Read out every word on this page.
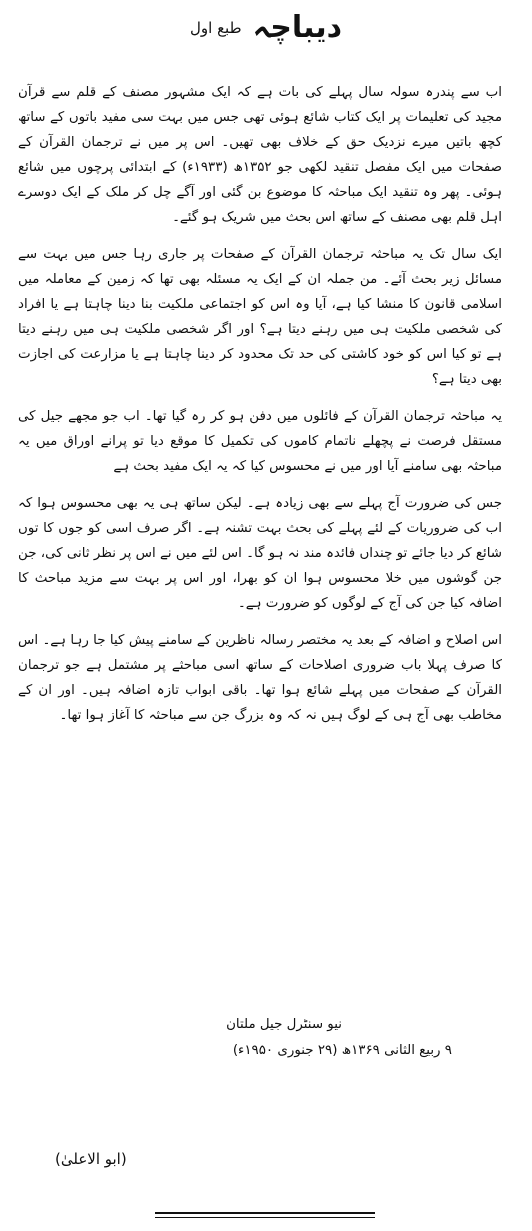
دیباچہ طبع اول

اب سے پندرہ سولہ سال پہلے کی بات ہے کہ ایک مشہور مصنف کے قلم سے قرآن مجید کی تعلیمات پر ایک کتاب شائع ہوئی تھی جس میں بہت سی مفید باتوں کے ساتھ کچھ باتیں میرے نزدیک حق کے خلاف بھی تھیں۔ اس پر میں نے ترجمان القرآن کے صفحات میں ایک مفصل تنقید لکھی جو ۱۳۵۲ھ (۱۹۳۳ء) کے ابتدائی پرچوں میں شائع ہوئی۔ پھر وہ تنقید ایک مباحثہ کا موضوع بن گئی اور آگے چل کر ملک کے ایک دوسرے اہل قلم بھی مصنف کے ساتھ اس بحث میں شریک ہو گئے۔

ایک سال تک یہ مباحثہ ترجمان القرآن کے صفحات پر جاری رہا جس میں بہت سے مسائل زیر بحث آئے۔ من جملہ ان کے ایک یہ مسئلہ بھی تھا کہ زمین کے معاملہ میں اسلامی قانون کا منشا کیا ہے، آیا وہ اس کو اجتماعی ملکیت بنا دینا چاہتا ہے یا افراد کی شخصی ملکیت ہی میں رہنے دیتا ہے؟ اور اگر شخصی ملکیت ہی میں رہنے دیتا ہے تو کیا اس کو خود کاشتی کی حد تک محدود کر دینا چاہتا ہے یا مزارعت کی اجازت بھی دیتا ہے؟

یہ مباحثہ ترجمان القرآن کے فائلوں میں دفن ہو کر رہ گیا تھا۔ اب جو مجھے جیل کی مستقل فرصت نے پچھلے ناتمام کاموں کی تکمیل کا موقع دیا تو پرانے اوراق میں یہ مباحثہ بھی سامنے آیا اور میں نے محسوس کیا کہ یہ ایک مفید بحث ہے

جس کی ضرورت آج پہلے سے بھی زیادہ ہے۔ لیکن ساتھ ہی یہ بھی محسوس ہوا کہ اب کی ضروریات کے لئے پہلے کی بحث بہت تشنہ ہے۔ اگر صرف اسی کو جوں کا توں شائع کر دیا جائے تو چنداں فائدہ مند نہ ہو گا۔ اس لئے میں نے اس پر نظر ثانی کی، جن جن گوشوں میں خلا محسوس ہوا ان کو بھرا، اور اس پر بہت سے مزید مباحث کا اضافہ کیا جن کی آج کے لوگوں کو ضرورت ہے۔

اس اصلاح و اضافہ کے بعد یہ مختصر رسالہ ناظرین کے سامنے پیش کیا جا رہا ہے۔ اس کا صرف پہلا باب ضروری اصلاحات کے ساتھ اسی مباحثے پر مشتمل ہے جو ترجمان القرآن کے صفحات میں پہلے شائع ہوا تھا۔ باقی ابواب تازہ اضافہ ہیں۔ اور ان کے مخاطب بھی آج ہی کے لوگ ہیں نہ کہ وہ بزرگ جن سے مباحثہ کا آغاز ہوا تھا۔

نیو سنٹرل جیل ملتان
۹ ربیع الثانی ۱۳۶۹ھ (۲۹ جنوری ۱۹۵۰ء)
(ابو الاعلیٰ)
